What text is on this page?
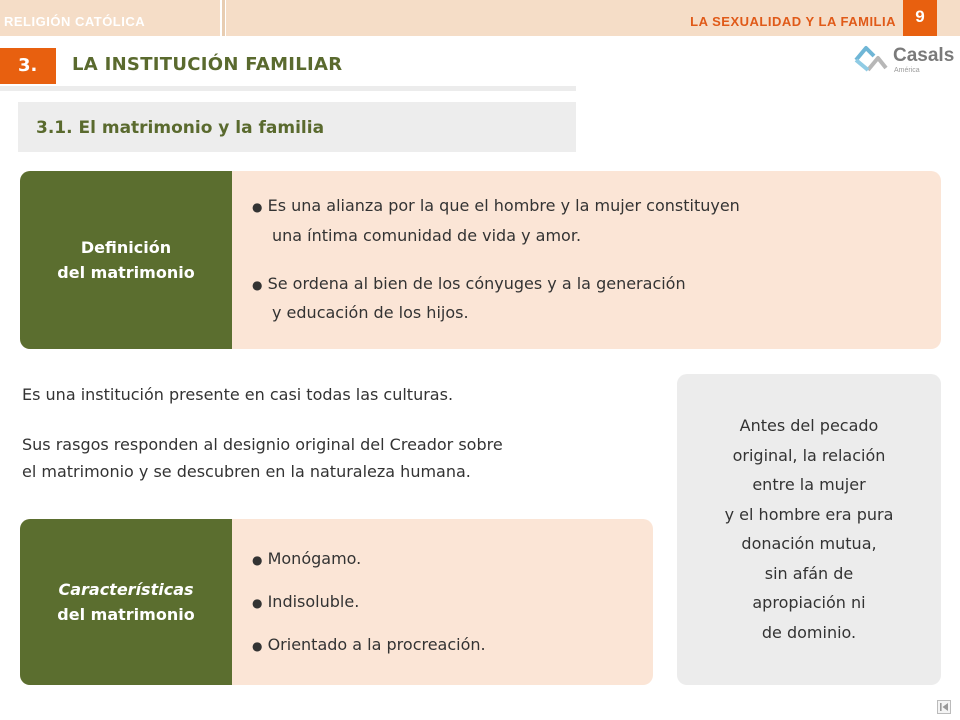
RELIGIÓN CATÓLICA	LA SEXUALIDAD Y LA FAMILIA	9
3.	LA INSTITUCIÓN FAMILIAR	Casals
América
3.1. El matrimonio y la familia
Definición
del matrimonio
● Es una alianza por la que el hombre y la mujer constituyen
una íntima comunidad de vida y amor.
● Se ordena al bien de los cónyuges y a la generación
y educación de los hijos.
Es una institución presente en casi todas las culturas.
Sus rasgos responden al designio original del Creador sobre
el matrimonio y se descubren en la naturaleza humana.
Características
del matrimonio
● Monógamo.
● Indisoluble.
● Orientado a la procreación.
Antes del pecado
original, la relación
entre la mujer
y el hombre era pura
donación mutua,
sin afán de
apropiación ni
de dominio.
